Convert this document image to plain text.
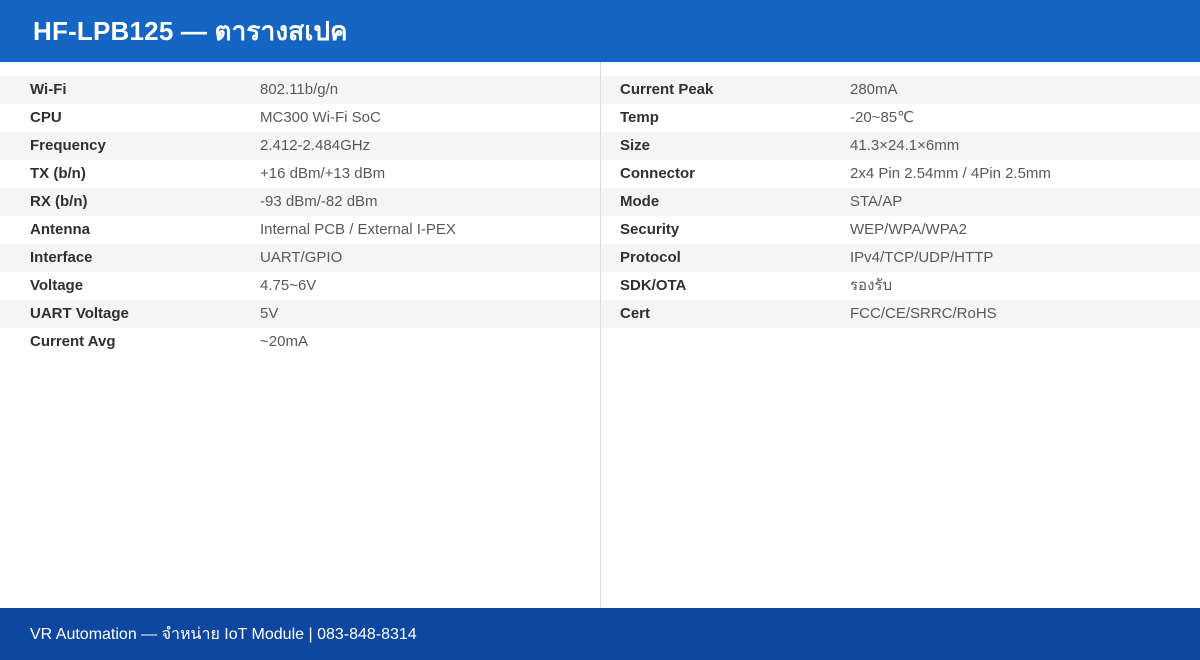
HF-LPB125 — ตารางสเปค
Wi-Fi	802.11b/g/n
CPU	MC300 Wi-Fi SoC
Frequency	2.412-2.484GHz
TX (b/n)	+16 dBm/+13 dBm
RX (b/n)	-93 dBm/-82 dBm
Antenna	Internal PCB / External I-PEX
Interface	UART/GPIO
Voltage	4.75~6V
UART Voltage	5V
Current Avg	~20mA
Current Peak	280mA
Temp	-20~85℃
Size	41.3×24.1×6mm
Connector	2x4 Pin 2.54mm / 4Pin 2.5mm
Mode	STA/AP
Security	WEP/WPA/WPA2
Protocol	IPv4/TCP/UDP/HTTP
SDK/OTA	รองรับ
Cert	FCC/CE/SRRC/RoHS
VR Automation — จำหน่าย IoT Module | 083-848-8314
